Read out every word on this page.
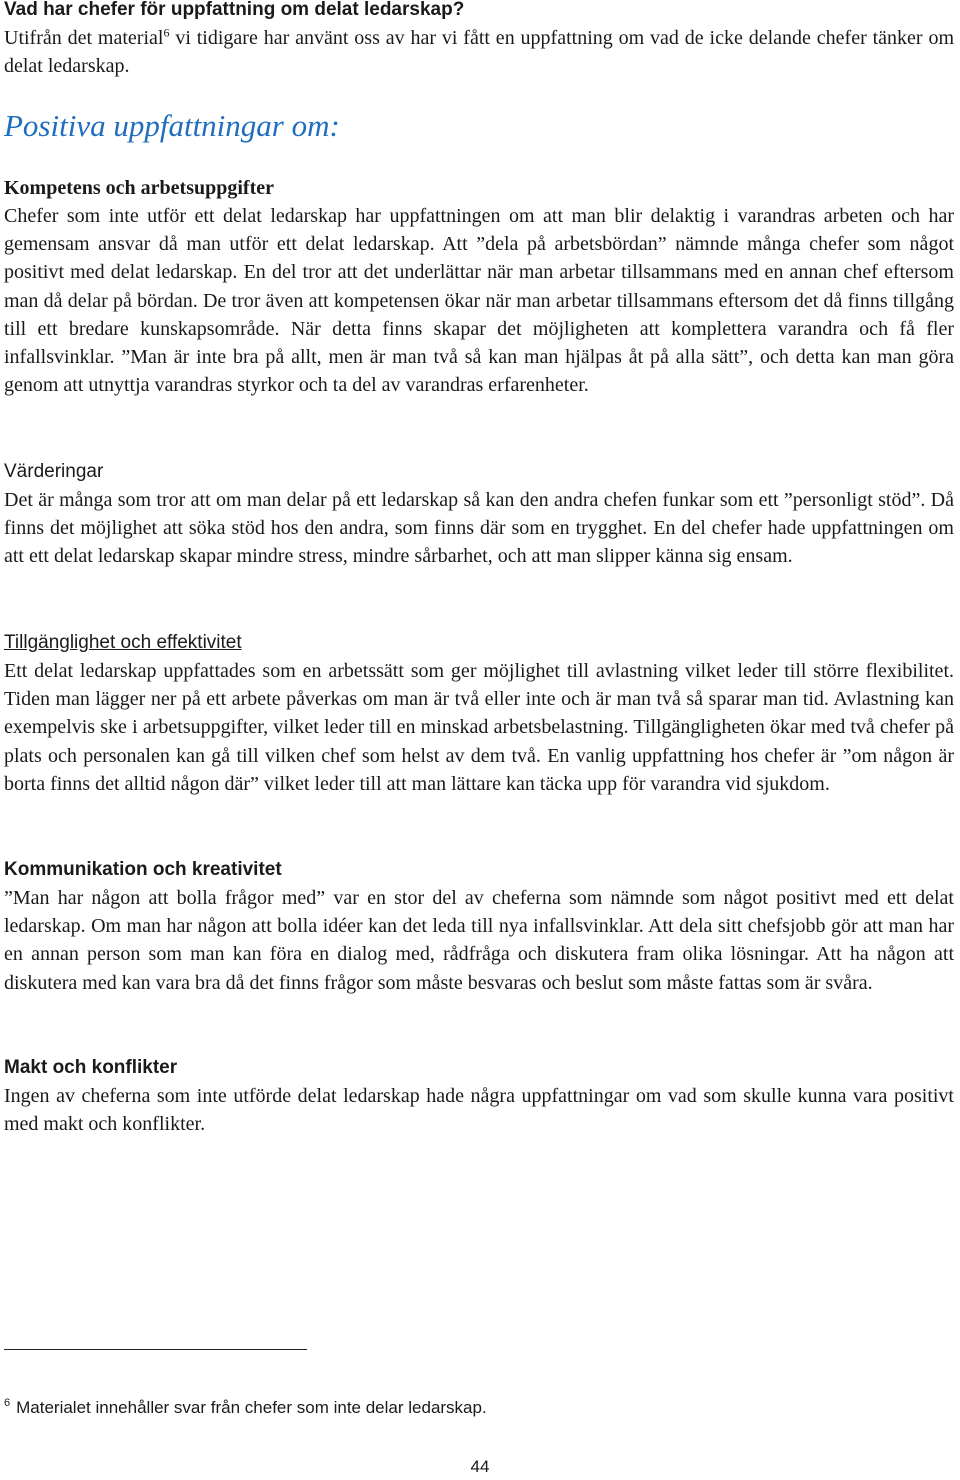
Vad har chefer för uppfattning om delat ledarskap?

Utifrån det material$^6$ vi tidigare har använt oss av har vi fått en uppfattning om vad de icke delande chefer tänker om delat ledarskap.

Positiva uppfattningar om:

Kompetens och arbetsuppgifter

Chefer som inte utför ett delat ledarskap har uppfattningen om att man blir delaktig i varandras arbeten och har gemensam ansvar då man utför ett delat ledarskap. Att ”dela på arbetsbördan” nämnde många chefer som något positivt med delat ledarskap. En del tror att det underlättar när man arbetar tillsammans med en annan chef eftersom man då delar på bördan. De tror även att kompetensen ökar när man arbetar tillsammans eftersom det då finns tillgång till ett bredare kunskapsområde. När detta finns skapar det möjligheten att komplettera varandra och få fler infallsvinklar. ”Man är inte bra på allt, men är man två så kan man hjälpas åt på alla sätt”, och detta kan man göra genom att utnyttja varandras styrkor och ta del av varandras erfarenheter.

Värderingar

Det är många som tror att om man delar på ett ledarskap så kan den andra chefen funkar som ett ”personligt stöd”. Då finns det möjlighet att söka stöd hos den andra, som finns där som en trygghet. En del chefer hade uppfattningen om att ett delat ledarskap skapar mindre stress, mindre sårbarhet, och att man slipper känna sig ensam.

Tillgänglighet och effektivitet

Ett delat ledarskap uppfattades som en arbetssätt som ger möjlighet till avlastning vilket leder till större flexibilitet. Tiden man lägger ner på ett arbete påverkas om man är två eller inte och är man två så sparar man tid. Avlastning kan exempelvis ske i arbetsuppgifter, vilket leder till en minskad arbetsbelastning. Tillgängligheten ökar med två chefer på plats och personalen kan gå till vilken chef som helst av dem två. En vanlig uppfattning hos chefer är ”om någon är borta finns det alltid någon där” vilket leder till att man lättare kan täcka upp för varandra vid sjukdom.

Kommunikation och kreativitet

”Man har någon att bolla frågor med” var en stor del av cheferna som nämnde som något positivt med ett delat ledarskap. Om man har någon att bolla idéer kan det leda till nya infallsvinklar. Att dela sitt chefsjobb gör att man har en annan person som man kan föra en dialog med, rådfråga och diskutera fram olika lösningar. Att ha någon att diskutera med kan vara bra då det finns frågor som måste besvaras och beslut som måste fattas som är svåra.

Makt och konflikter

Ingen av cheferna som inte utförde delat ledarskap hade några uppfattningar om vad som skulle kunna vara positivt med makt och konflikter.

$^6$ Materialet innehåller svar från chefer som inte delar ledarskap.

44
